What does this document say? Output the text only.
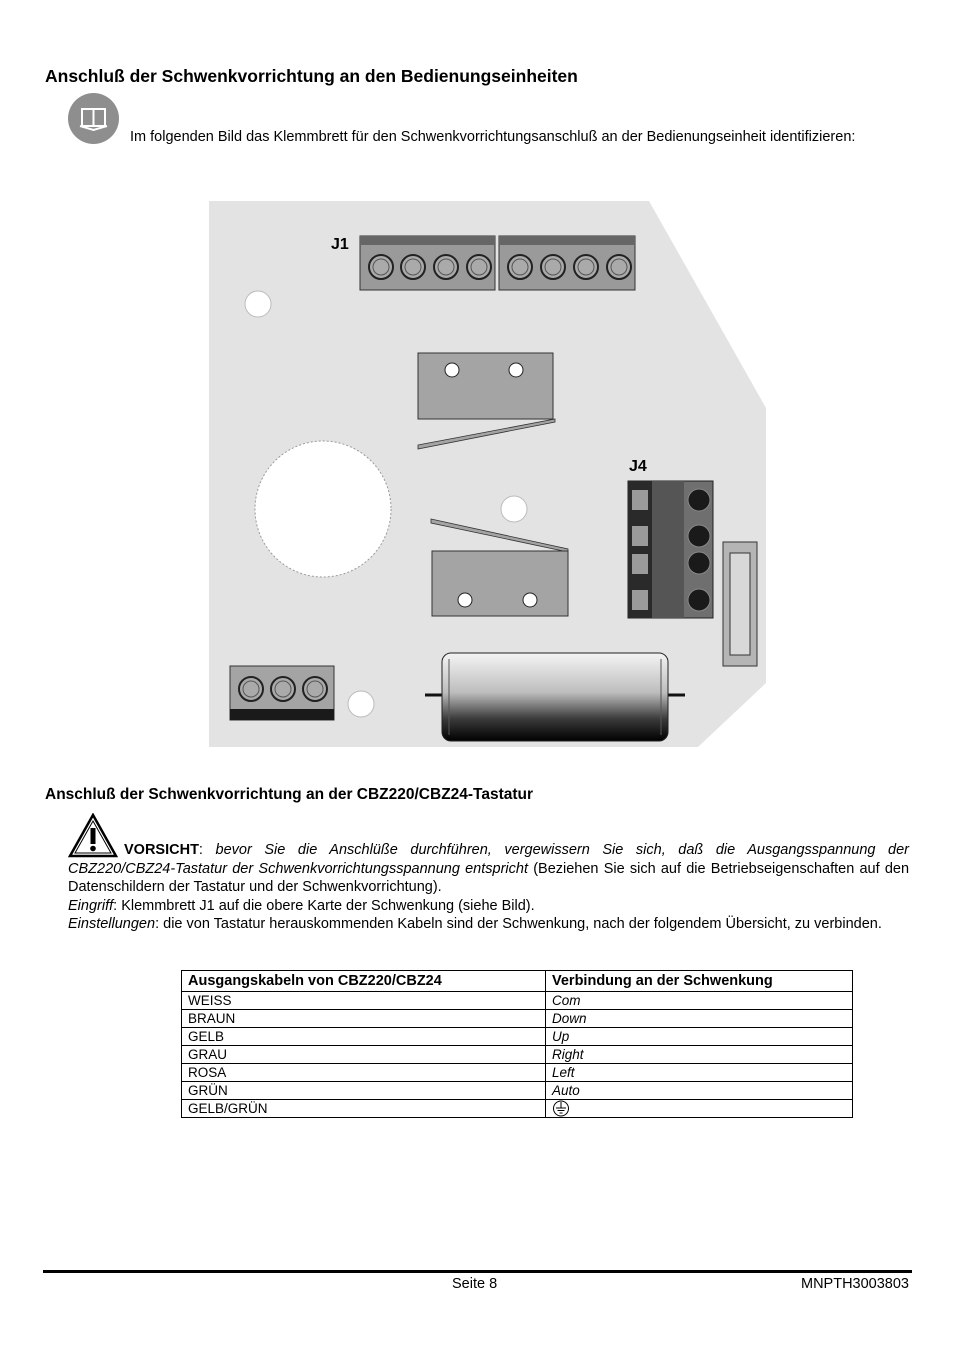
Anschluß der Schwenkvorrichtung an den Bedienungseinheiten
Im folgenden Bild das Klemmbrett für den Schwenkvorrichtungsanschluß an der Bedienungseinheit identifizieren:
J1
J4
Anschluß der Schwenkvorrichtung an der CBZ220/CBZ24-Tastatur

VORSICHT: bevor Sie die Anschlüße durchführen, vergewissern Sie sich, daß die Ausgangsspannung der CBZ220/CBZ24-Tastatur der Schwenkvorrichtungsspannung entspricht (Beziehen Sie sich auf die Betriebseigenschaften auf den Datenschildern der Tastatur und der Schwenkvorrichtung).

Eingriff: Klemmbrett J1 auf die obere Karte der Schwenkung (siehe Bild).

Einstellungen: die von Tastatur herauskommenden Kabeln sind der Schwenkung, nach der folgendem Übersicht, zu verbinden.

Ausgangskabeln von CBZ220/CBZ24	Verbindung an der Schwenkung
WEISS	Com
BRAUN	Down
GELB	Up
GRAU	Right
ROSA	Left
GRÜN	Auto
GELB/GRÜN	
Seite 8	MNPTH3003803
